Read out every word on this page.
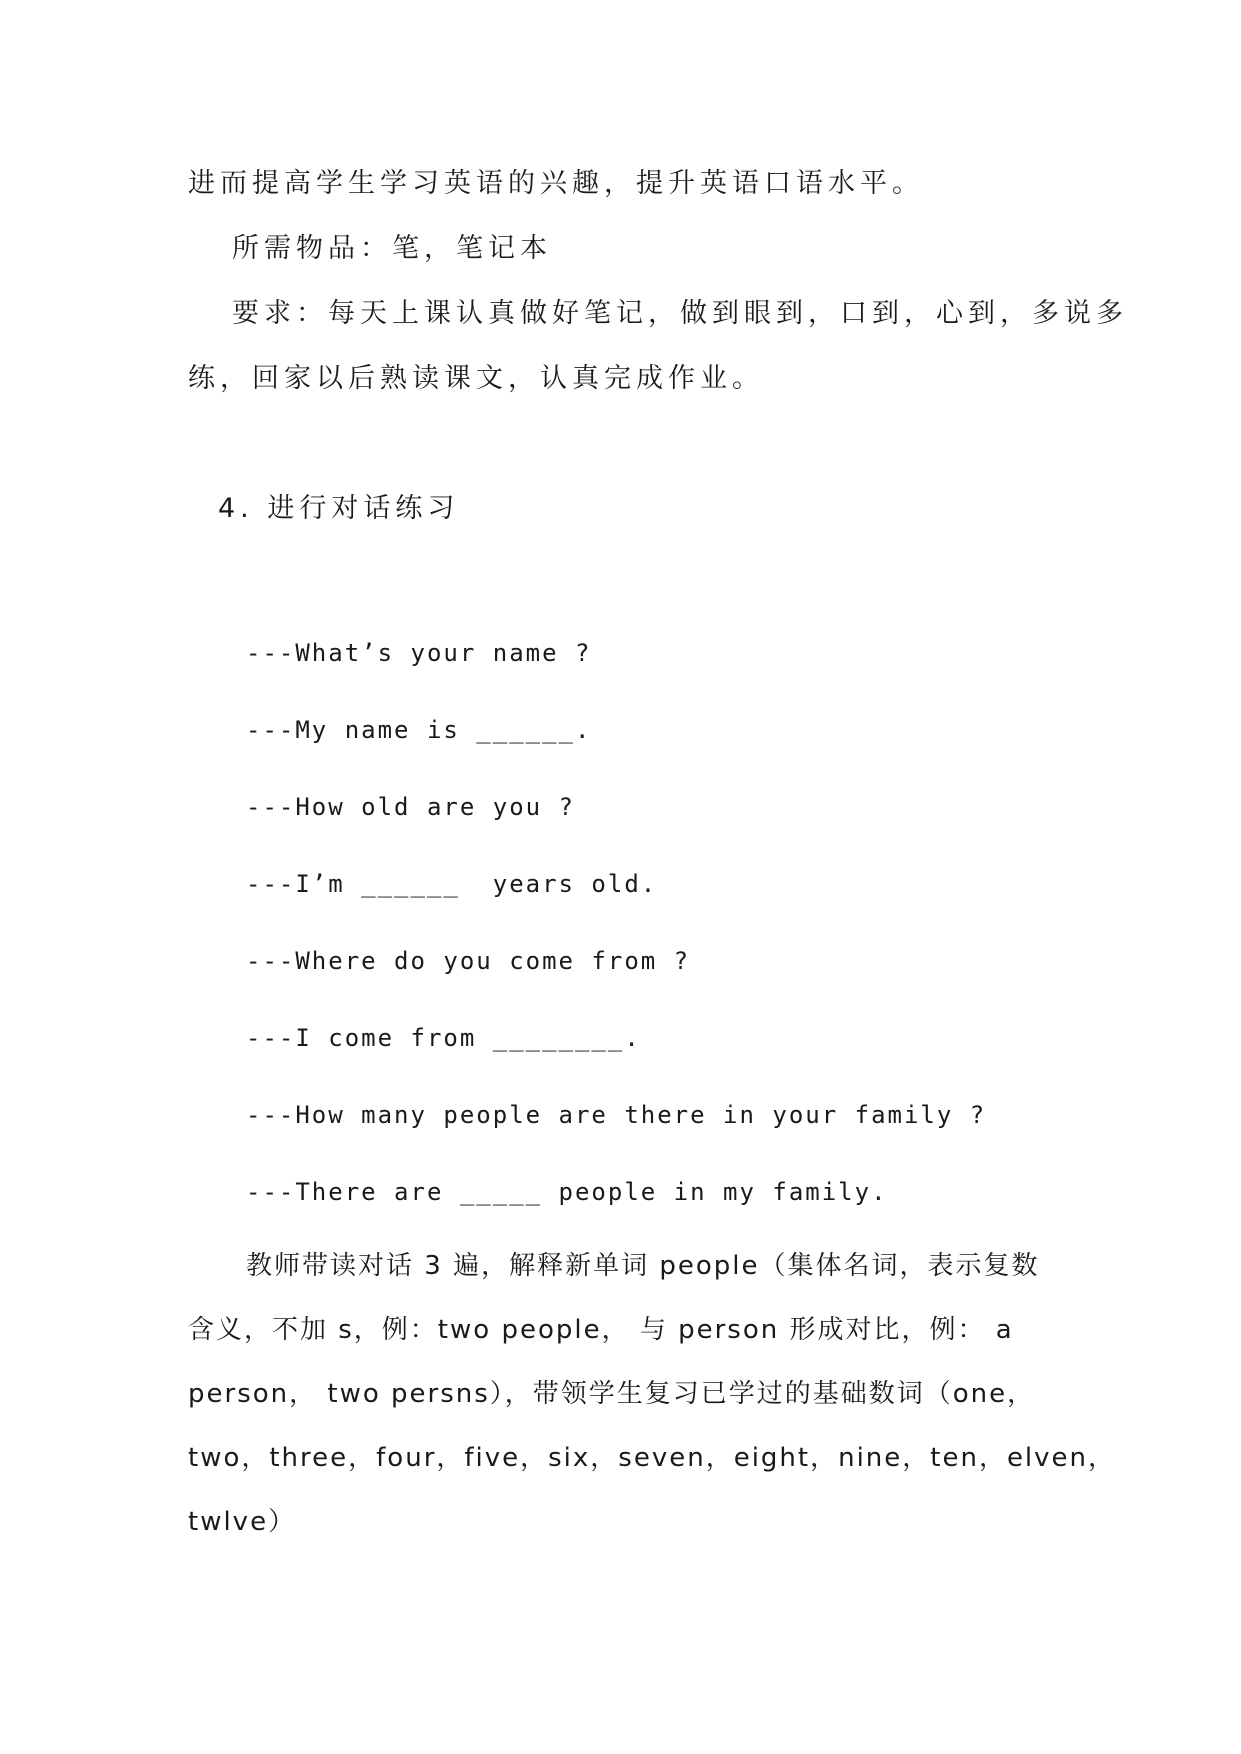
进而提高学生学习英语的兴趣，提升英语口语水平。
所需物品：笔，笔记本
要求：每天上课认真做好笔记，做到眼到，口到，心到，多说多
练，回家以后熟读课文，认真完成作业。
4. 进行对话练习
---What’s your name ?
---My name is ______.
---How old are you ?
---I’m ______  years old.
---Where do you come from ?
---I come from ________.
---How many people are there in your family ?
---There are _____ people in my family.
教师带读对话 3 遍，解释新单词 people（集体名词，表示复数
含义，不加 s，例：two people， 与 person 形成对比，例： a
person， two persns），带领学生复习已学过的基础数词（one，
two，three，four，five，six，seven，eight，nine，ten，elven，
twlve）
